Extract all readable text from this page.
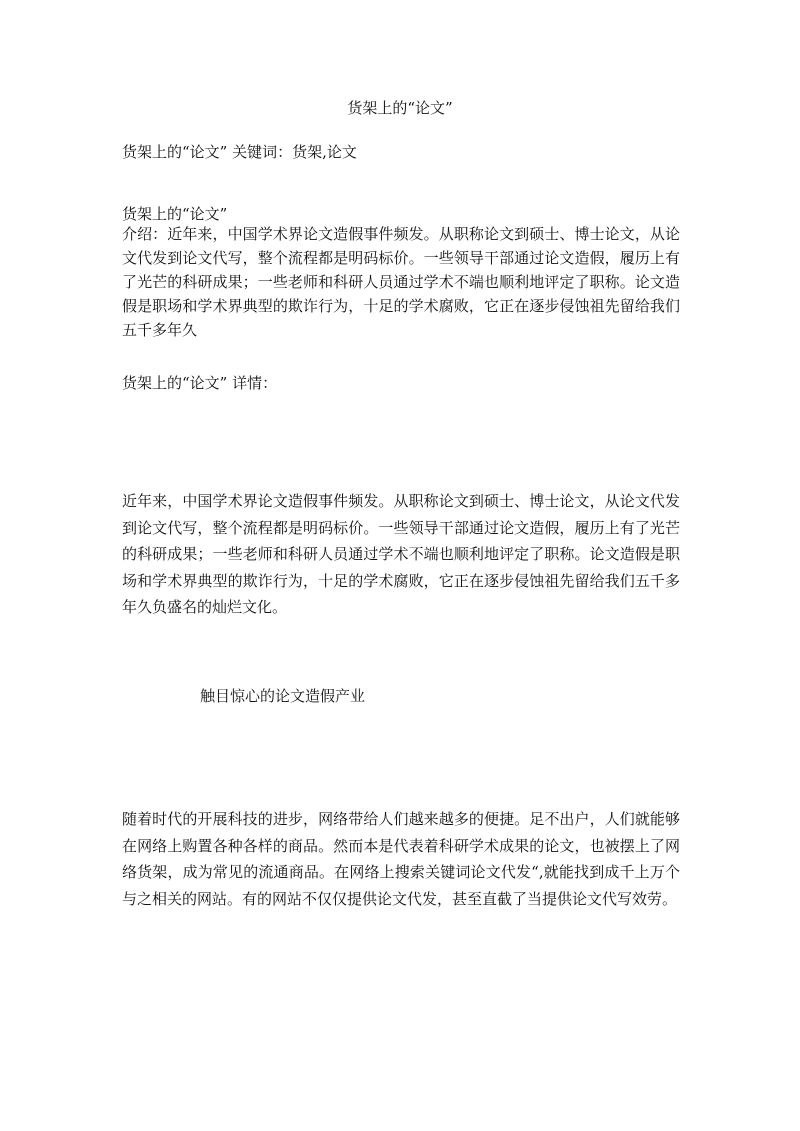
货架上的“论文”

货架上的“论文” 关键词：货架,论文

货架上的“论文”

介绍：近年来，中国学术界论文造假事件频发。从职称论文到硕士、博士论文，从论文代发到论文代写，整个流程都是明码标价。一些领导干部通过论文造假，履历上有了光芒的科研成果；一些老师和科研人员通过学术不端也顺利地评定了职称。论文造假是职场和学术界典型的欺诈行为，十足的学术腐败，它正在逐步侵蚀祖先留给我们五千多年久

货架上的“论文” 详情：

近年来，中国学术界论文造假事件频发。从职称论文到硕士、博士论文，从论文代发到论文代写，整个流程都是明码标价。一些领导干部通过论文造假，履历上有了光芒的科研成果；一些老师和科研人员通过学术不端也顺利地评定了职称。论文造假是职场和学术界典型的欺诈行为，十足的学术腐败，它正在逐步侵蚀祖先留给我们五千多年久负盛名的灿烂文化。

触目惊心的论文造假产业

随着时代的开展科技的进步，网络带给人们越来越多的便捷。足不出户，人们就能够在网络上购置各种各样的商品。然而本是代表着科研学术成果的论文，也被摆上了网络货架，成为常见的流通商品。在网络上搜索关键词论文代发“,就能找到成千上万个与之相关的网站。有的网站不仅仅提供论文代发，甚至直截了当提供论文代写效劳。
